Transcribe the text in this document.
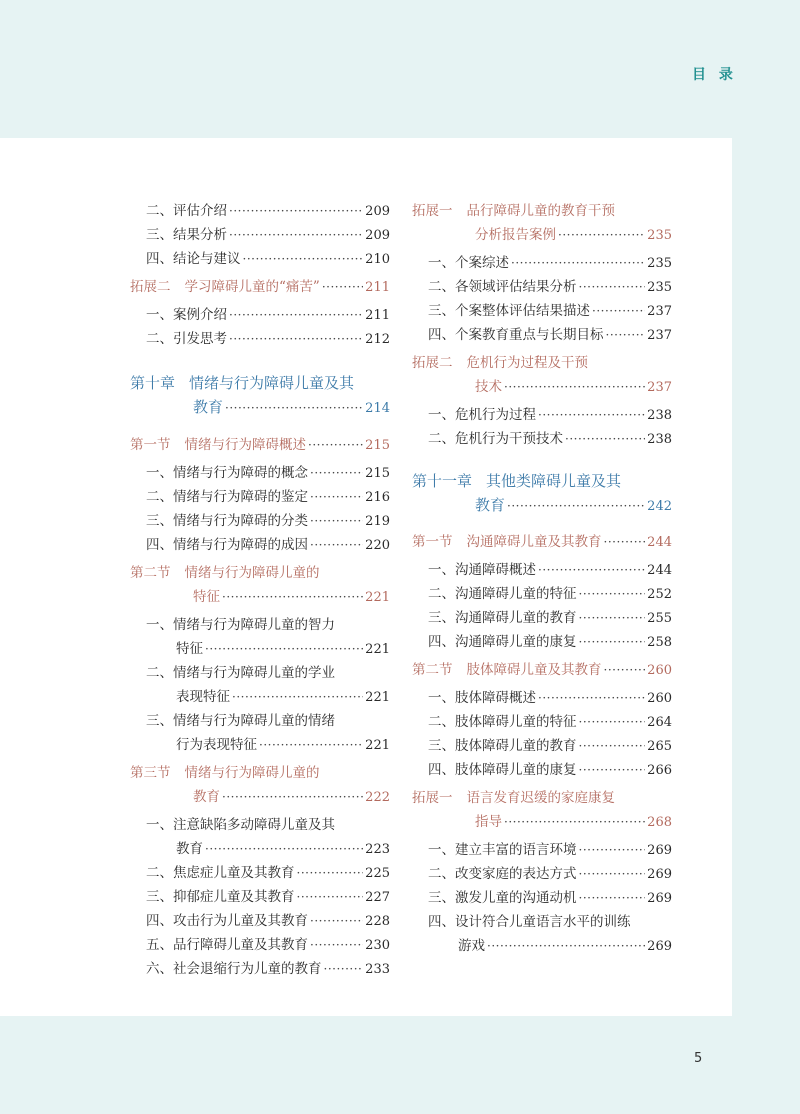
目 录
5
二、评估介绍 ·····	209
三、结果分析 ·····	209
四、结论与建议 ·····	210
拓展二 学习障碍儿童的“痛苦” ·····	211
一、案例介绍 ·····	211
二、引发思考 ·····	212
第十章 情绪与行为障碍儿童及其
教育 ·····	214
第一节 情绪与行为障碍概述 ·····	215
一、情绪与行为障碍的概念 ·····	215
二、情绪与行为障碍的鉴定 ·····	216
三、情绪与行为障碍的分类 ·····	219
四、情绪与行为障碍的成因 ·····	220
第二节 情绪与行为障碍儿童的
特征 ·····	221
一、情绪与行为障碍儿童的智力
特征 ·····	221
二、情绪与行为障碍儿童的学业
表现特征 ·····	221
三、情绪与行为障碍儿童的情绪
行为表现特征 ·····	221
第三节 情绪与行为障碍儿童的
教育 ·····	222
一、注意缺陷多动障碍儿童及其
教育 ·····	223
二、焦虑症儿童及其教育 ·····	225
三、抑郁症儿童及其教育 ·····	227
四、攻击行为儿童及其教育 ·····	228
五、品行障碍儿童及其教育 ·····	230
六、社会退缩行为儿童的教育 ·····	233
拓展一 品行障碍儿童的教育干预
分析报告案例 ·····	235
一、个案综述 ·····	235
二、各领域评估结果分析 ·····	235
三、个案整体评估结果描述 ·····	237
四、个案教育重点与长期目标 ·····	237
拓展二 危机行为过程及干预
技术 ·····	237
一、危机行为过程 ·····	238
二、危机行为干预技术 ·····	238
第十一章 其他类障碍儿童及其
教育 ·····	242
第一节 沟通障碍儿童及其教育 ·····	244
一、沟通障碍概述 ·····	244
二、沟通障碍儿童的特征 ·····	252
三、沟通障碍儿童的教育 ·····	255
四、沟通障碍儿童的康复 ·····	258
第二节 肢体障碍儿童及其教育 ·····	260
一、肢体障碍概述 ·····	260
二、肢体障碍儿童的特征 ·····	264
三、肢体障碍儿童的教育 ·····	265
四、肢体障碍儿童的康复 ·····	266
拓展一 语言发育迟缓的家庭康复
指导 ·····	268
一、建立丰富的语言环境 ·····	269
二、改变家庭的表达方式 ·····	269
三、激发儿童的沟通动机 ·····	269
四、设计符合儿童语言水平的训练
游戏 ·····	269
